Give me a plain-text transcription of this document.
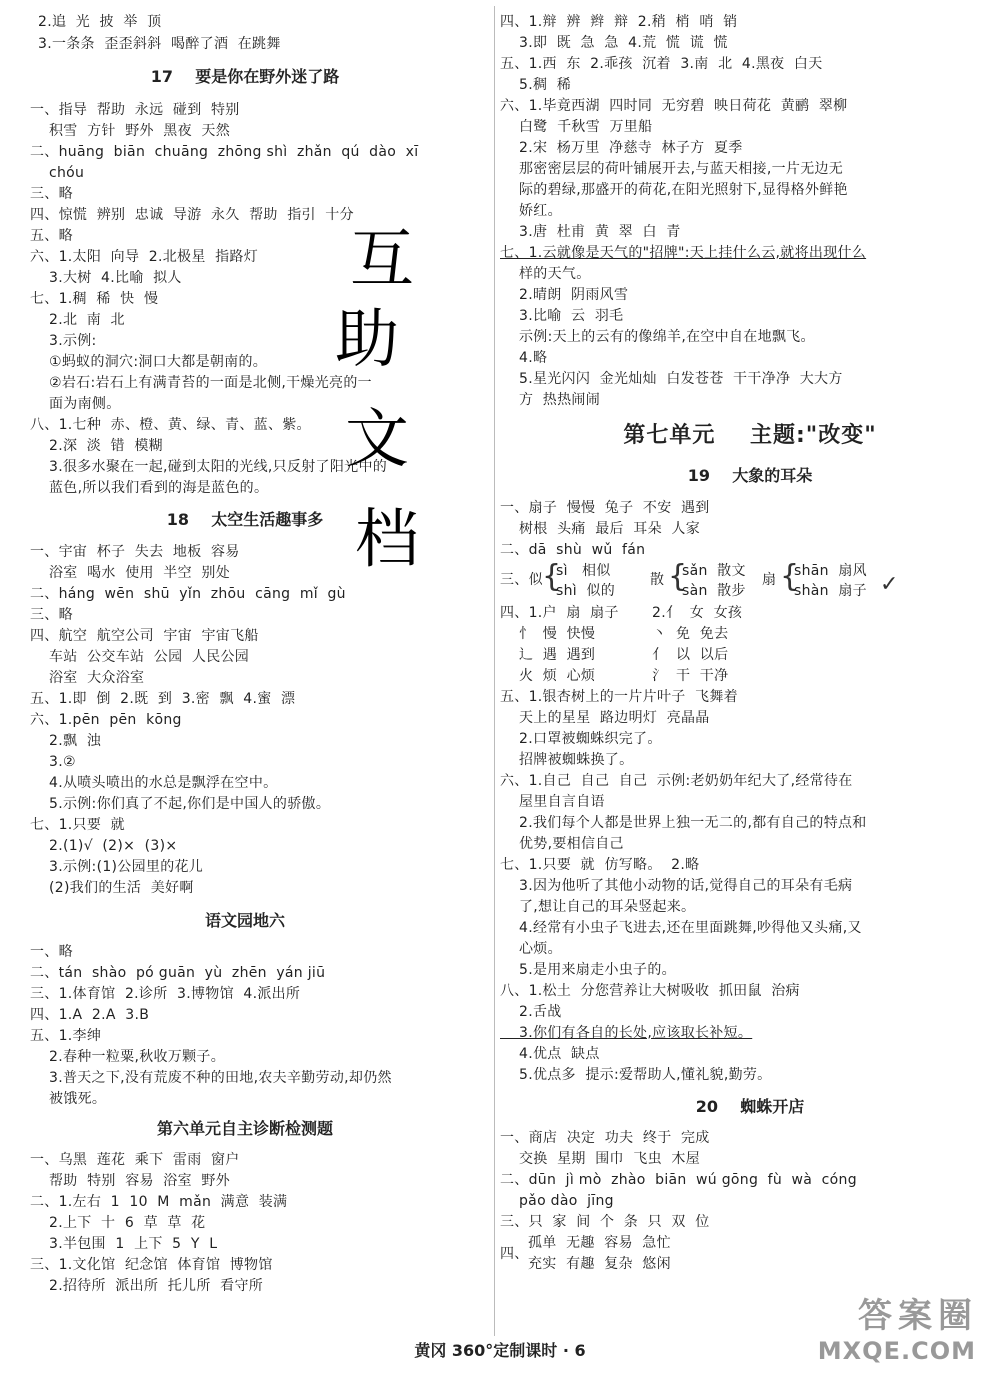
2.追  光  披  举  顶
3.一条条  歪歪斜斜  喝醉了酒  在跳舞
17    要是你在野外迷了路
一、指导  帮助  永远  碰到  特别
积雪  方针  野外  黑夜  天然
二、huāng  biān  chuāng  zhōng shì  zhǎn  qú  dào  xī
chóu
三、略
四、惊慌  辨别  忠诚  导游  永久  帮助  指引  十分
五、略
六、1.太阳  向导  2.北极星  指路灯
3.大树  4.比喻  拟人
七、1.稠  稀  快  慢
2.北  南  北
3.示例:
①蚂蚁的洞穴:洞口大都是朝南的。
②岩石:岩石上有满青苔的一面是北侧,干燥光亮的一
面为南侧。
八、1.七种  赤、橙、黄、绿、青、蓝、紫。
2.深  淡  错  模糊
3.很多水聚在一起,碰到太阳的光线,只反射了阳光中的
蓝色,所以我们看到的海是蓝色的。
18    太空生活趣事多
一、宇宙  杯子  失去  地板  容易
浴室  喝水  使用  半空  别处
二、háng  wēn  shū  yǐn  zhōu  cāng  mǐ  gù
三、略
四、航空  航空公司  宇宙  宇宙飞船
车站  公交车站  公园  人民公园
浴室  大众浴室
五、1.即  倒  2.既  到  3.密  飘  4.蜜  漂
六、1.pēn  pēn  kōng
2.飘  浊
3.②
4.从喷头喷出的水总是飘浮在空中。
5.示例:你们真了不起,你们是中国人的骄傲。
七、1.只要  就
2.(1)√  (2)×  (3)×
3.示例:(1)公园里的花儿
(2)我们的生活  美好啊
语文园地六
一、略
二、tán  shào  pó guān  yù  zhēn  yán jiū
三、1.体育馆  2.诊所  3.博物馆  4.派出所
四、1.A  2.A  3.B
五、1.李绅
2.春种一粒粟,秋收万颗子。
3.普天之下,没有荒废不种的田地,农夫辛勤劳动,却仍然
被饿死。
第六单元自主诊断检测题
一、乌黑  莲花  乘下  雷雨  窗户
帮助  特别  容易  浴室  野外
二、1.左右  1  10  M  mǎn  满意  装满
2.上下  十  6  草  草  花
3.半包围  1  上下  5  Y  L
三、1.文化馆  纪念馆  体育馆  博物馆
2.招待所  派出所  托儿所  看守所
四、1.辩  辨  辫  辩  2.稍  梢  哨  销
3.即  既  急  急  4.荒  慌  谎  慌
五、1.西  东  2.乖孩  沉着  3.南  北  4.黑夜  白天
5.稠  稀
六、1.毕竟西湖  四时同  无穷碧  映日荷花  黄鹂  翠柳
白鹭  千秋雪  万里船
2.宋  杨万里  净慈寺  林子方  夏季
那密密层层的荷叶铺展开去,与蓝天相接,一片无边无
际的碧绿,那盛开的荷花,在阳光照射下,显得格外鲜艳
娇红。
3.唐  杜甫  黄  翠  白  青
七、1.云就像是天气的"招牌":天上挂什么云,就将出现什么
样的天气。
2.晴朗  阴雨风雪
3.比喻  云  羽毛
示例:天上的云有的像绵羊,在空中自在地飘飞。
4.略
5.星光闪闪  金光灿灿  白发苍苍  干干净净  大大方
方  热热闹闹
第七单元    主题:"改变"
19    大象的耳朵
一、扇子  慢慢  兔子  不安  遇到
树根  头痛  最后  耳朵  人家
二、dā  shù  wǔ  fán
三、似 {
sì   相似
shì  似的
散 {
sǎn  散文
sàn  散步
扇 {
shān  扇风
shàn  扇子 ✓
四、1.户  扇  扇子       2.亻  女  女孩
忄  慢  快慢            丶  免  免去
辶  遇  遇到            亻  以  以后
火  烦  心烦            氵  干  干净
五、1.银杏树上的一片片叶子  飞舞着
天上的星星  路边明灯  亮晶晶
2.口罩被蜘蛛织完了。
招牌被蜘蛛换了。
六、1.自己  自己  自己  示例:老奶奶年纪大了,经常待在
屋里自言自语
2.我们每个人都是世界上独一无二的,都有自己的特点和
优势,要相信自己
七、1.只要  就  仿写略。  2.略
3.因为他听了其他小动物的话,觉得自己的耳朵有毛病
了,想让自己的耳朵竖起来。
4.经常有小虫子飞进去,还在里面跳舞,吵得他又头痛,又
心烦。
5.是用来扇走小虫子的。
八、1.松土  分您营养让大树吸收  抓田鼠  治病
2.舌战
3.你们有各自的长处,应该取长补短。
4.优点  缺点
5.优点多  提示:爱帮助人,懂礼貌,勤劳。
20    蜘蛛开店
一、商店  决定  功夫  终于  完成
交换  星期  围巾  飞虫  木屋
二、dūn  jì mò  zhào  biān  wú gōng  fù  wà  cóng
pǎo dào  jīng
三、只  家  间  个  条  只  双  位
四、
孤单  无趣  容易  急忙
充实  有趣  复杂  悠闲
互
助
文
档
黄冈 360°定制课时 · 6
答案圈
MXQE.COM
